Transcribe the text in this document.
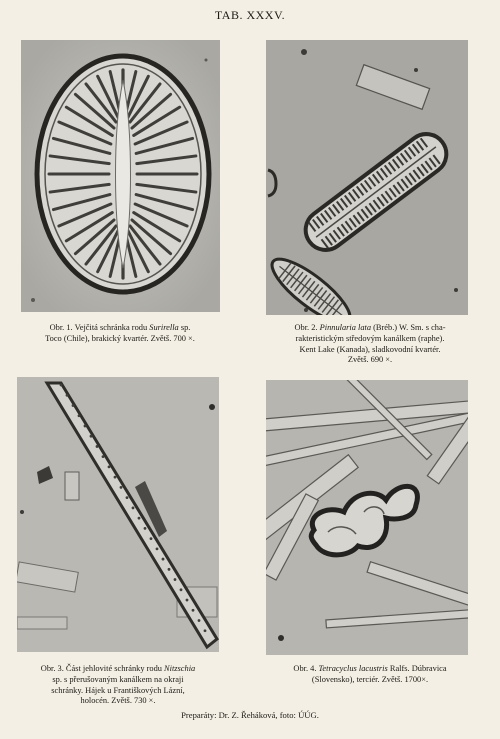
TAB. XXXV.
Obr. 1. Vejčitá schránka rodu Surirella sp.
Toco (Chile), brakický kvartér. Zvětš. 700 ×.
Obr. 2. Pinnularia lata (Bréb.) W. Sm. s cha-
rakteristickým středovým kanálkem (raphe).
Kent Lake (Kanada), sladkovodní kvartér.
Zvětš. 690 ×.
Obr. 3. Část jehlovité schránky rodu Nitzschia
sp. s přerušovaným kanálkem na okraji
schránky. Hájek u Františkových Lázní,
holocén. Zvětš. 730 ×.
Obr. 4. Tetracyclus lacustris Ralfs. Dúbravica
(Slovensko), terciér. Zvětš. 1700×.
Preparáty: Dr. Z. Řeháková, foto: ÚÚG.
